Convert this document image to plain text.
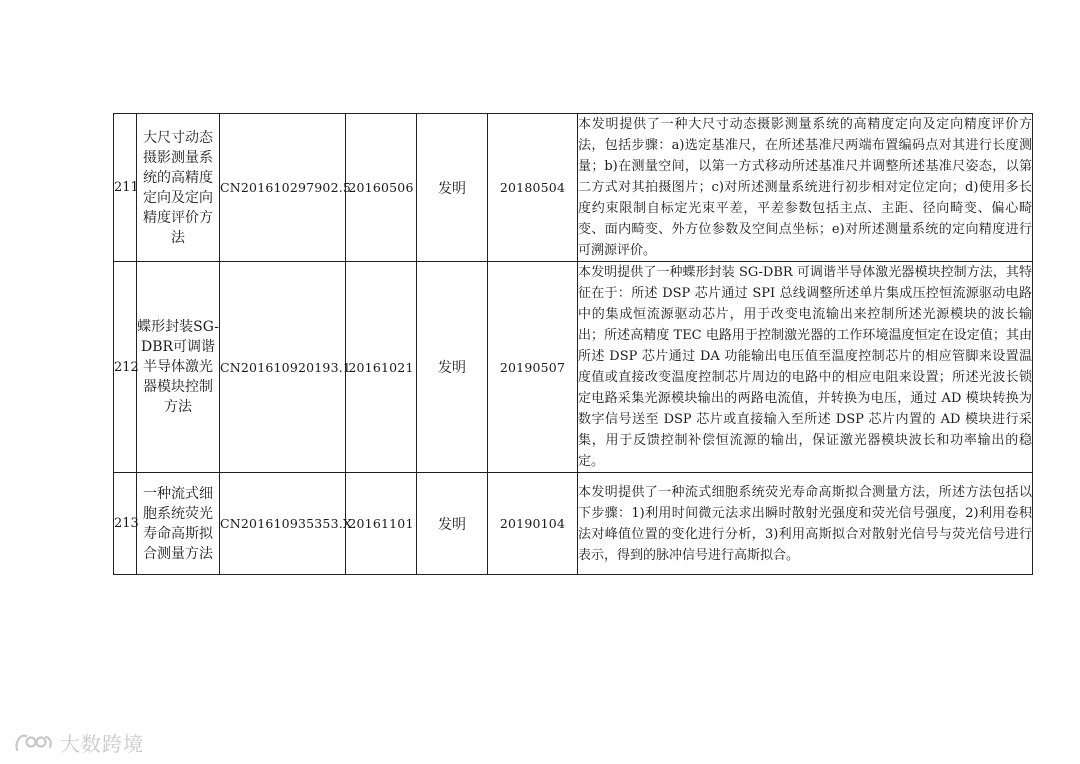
211	大尺寸动态摄影测量系统的高精度定向及定向精度评价方法	CN201610297902.5	20160506	发明	20180504	本发明提供了一种大尺寸动态摄影测量系统的高精度定向及定向精度评价方法，包括步骤：a)选定基准尺，在所述基准尺两端布置编码点对其进行长度测量；b)在测量空间，以第一方式移动所述基准尺并调整所述基准尺姿态，以第二方式对其拍摄图片；c)对所述测量系统进行初步相对定位定向；d)使用多长度约束限制自标定光束平差，平差参数包括主点、主距、径向畸变、偏心畸变、面内畸变、外方位参数及空间点坐标；e)对所述测量系统的定向精度进行可溯源评价。
212	蝶形封装SG-DBR可调谐半导体激光器模块控制方法	CN201610920193.1	20161021	发明	20190507	本发明提供了一种蝶形封装 SG-DBR 可调谐半导体激光器模块控制方法，其特征在于：所述 DSP 芯片通过 SPI 总线调整所述单片集成压控恒流源驱动电路中的集成恒流源驱动芯片，用于改变电流输出来控制所述光源模块的波长输出；所述高精度 TEC 电路用于控制激光器的工作环境温度恒定在设定值；其由所述 DSP 芯片通过 DA 功能输出电压值至温度控制芯片的相应管脚来设置温度值或直接改变温度控制芯片周边的电路中的相应电阻来设置；所述光波长锁定电路采集光源模块输出的两路电流值，并转换为电压，通过 AD 模块转换为数字信号送至 DSP 芯片或直接输入至所述 DSP 芯片内置的 AD 模块进行采集，用于反馈控制补偿恒流源的输出，保证激光器模块波长和功率输出的稳定。
213	一种流式细胞系统荧光寿命高斯拟合测量方法	CN201610935353.X	20161101	发明	20190104	本发明提供了一种流式细胞系统荧光寿命高斯拟合测量方法，所述方法包括以下步骤：1)利用时间微元法求出瞬时散射光强度和荧光信号强度，2)利用卷积法对峰值位置的变化进行分析，3)利用高斯拟合对散射光信号与荧光信号进行表示，得到的脉冲信号进行高斯拟合。
大数跨境
